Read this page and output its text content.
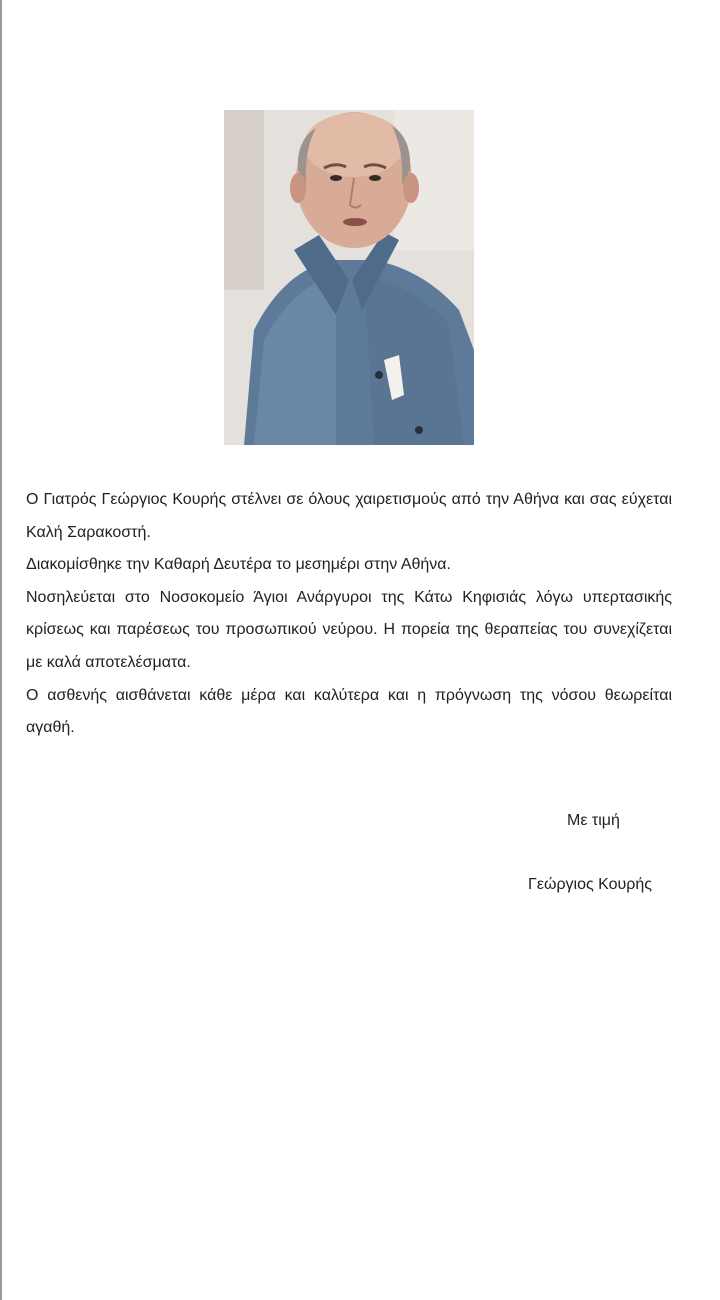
Ο Γιατρός Γεώργιος Κουρής στέλνει σε όλους χαιρετισμούς από την Αθήνα και σας εύχεται Καλή Σαρακοστή.

Διακομίσθηκε την Καθαρή Δευτέρα το μεσημέρι στην Αθήνα.

Νοσηλεύεται στο Νοσοκομείο Άγιοι Ανάργυροι της Κάτω Κηφισιάς λόγω υπερτασικής κρίσεως και παρέσεως του προσωπικού νεύρου. Η πορεία της θεραπείας του συνεχίζεται με καλά αποτελέσματα.

Ο ασθενής αισθάνεται κάθε μέρα και καλύτερα και η πρόγνωση της νόσου θεωρείται αγαθή.

Με τιμή
Γεώργιος Κουρής
